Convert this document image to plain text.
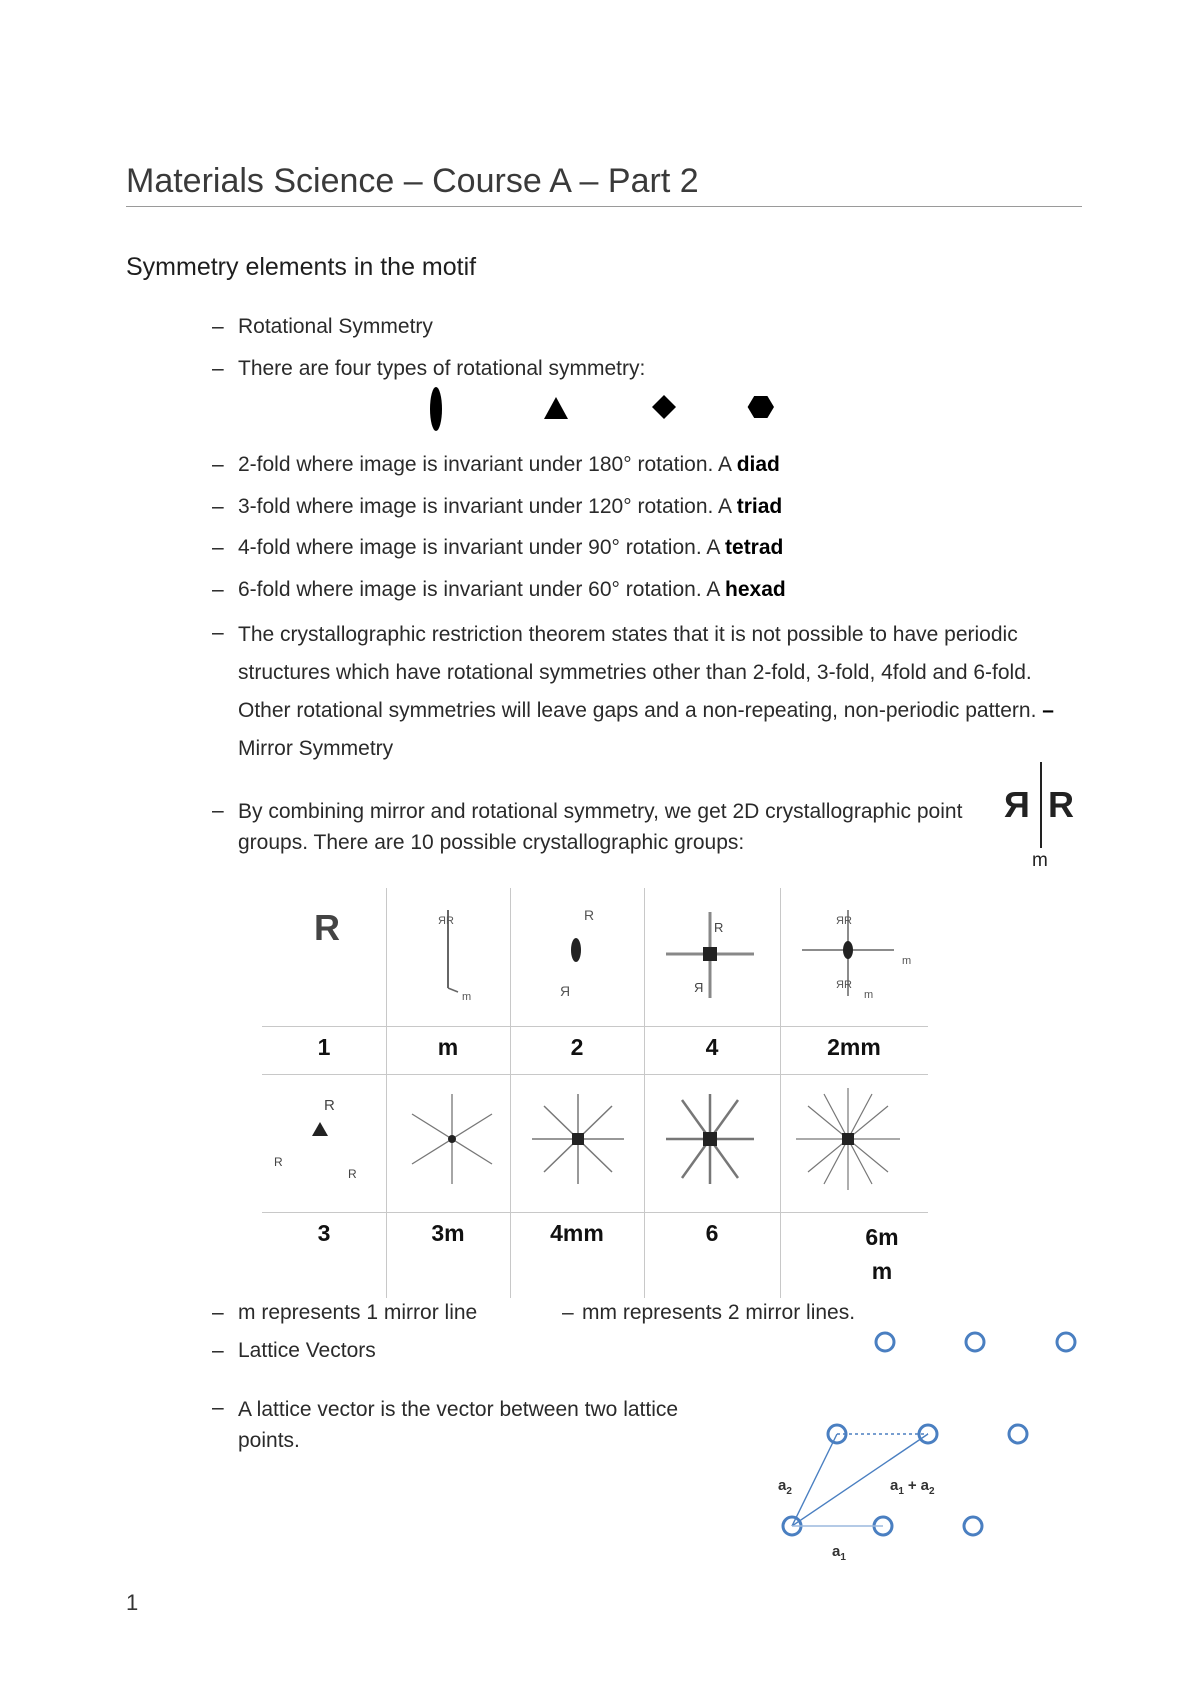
Materials Science – Course A – Part 2
Symmetry elements in the motif
– Rotational Symmetry
– There are four types of rotational symmetry:
– 2-fold where image is invariant under 180° rotation. A diad
– 3-fold where image is invariant under 120° rotation. A triad
– 4-fold where image is invariant under 90° rotation. A tetrad
– 6-fold where image is invariant under 60° rotation. A hexad
– The crystallographic restriction theorem states that it is not possible to have periodic structures which have rotational symmetries other than 2-fold, 3-fold, 4fold and 6-fold. Other rotational symmetries will leave gaps and a non-repeating, non-periodic pattern. – Mirror Symmetry
– By combining mirror and rotational symmetry, we get 2D crystallographic point groups. There are 10 possible crystallographic groups:
Я R
m
R	ЯR
m
R
Я
R
Я
ЯR
ЯR
m
m
1	m	2	4	2mm
R
R
R
3	3m	4mm	6	6m m
– m represents 1 mirror line	– mm represents 2 mirror lines.
– Lattice Vectors
– A lattice vector is the vector between two lattice points.
$a_2$	$a_1 + a_2$
$a_1$
1
